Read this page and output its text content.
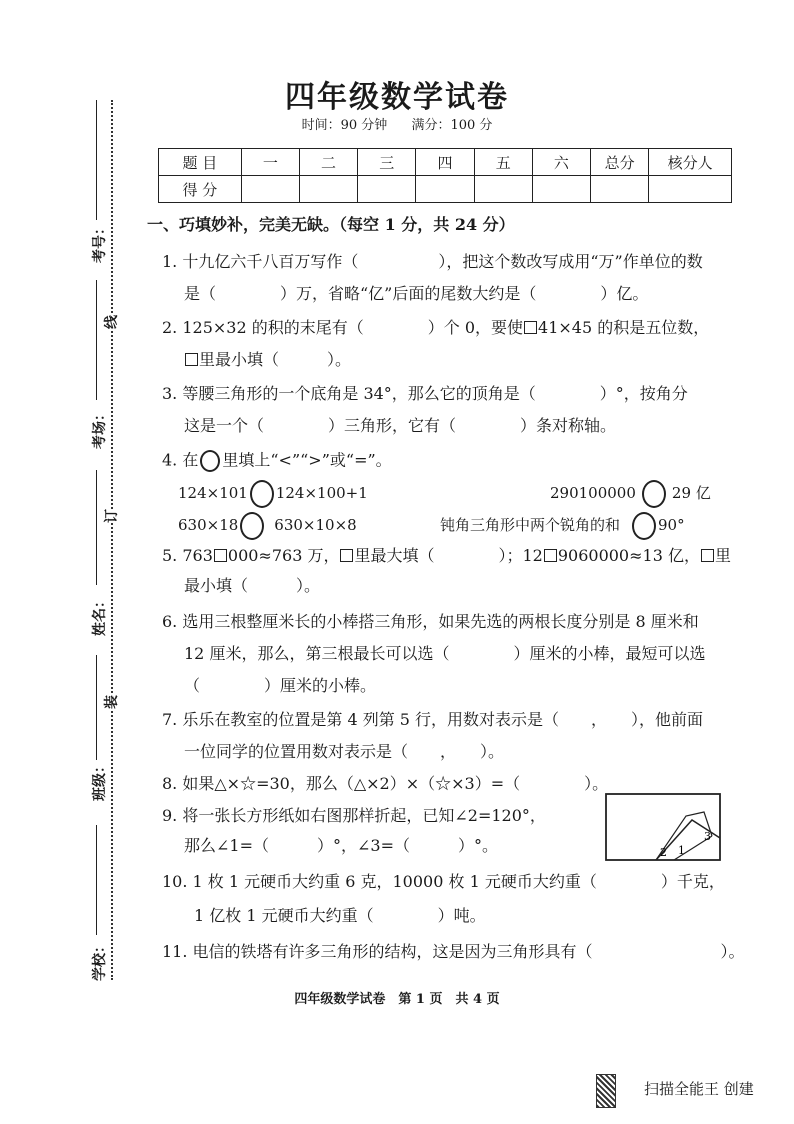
四年级数学试卷
时间：90 分钟 满分：100 分
题 目	一	二	三	四	五	六	总分	核分人
得 分								
考号：
考场：
姓名：
班级：
学校：
线
订
装
一、巧填妙补，完美无缺。（每空 1 分，共 24 分）
1. 十九亿六千八百万写作（　　　　　），把这个数改写成用“万”作单位的数
是（　　　　）万，省略“亿”后面的尾数大约是（　　　　）亿。
2. 125×32 的积的末尾有（　　　　）个 0，要使 41×45 的积是五位数，
里最小填（　　　）。
3. 等腰三角形的一个底角是 34°，那么它的顶角是（　　　　）°，按角分
这是一个（　　　　）三角形，它有（　　　　）条对称轴。
4. 在 里填上“<”“>”或“=”。
124×101 124×100+1	290100000 29 亿
630×18 630×10×8	钝角三角形中两个锐角的和	90°
5. 763 000≈763 万， 里最大填（　　　　）；12 9060000≈13 亿， 里
最小填（　　　）。
6. 选用三根整厘米长的小棒搭三角形，如果先选的两根长度分别是 8 厘米和
12 厘米，那么，第三根最长可以选（　　　　）厘米的小棒，最短可以选
（　　　　）厘米的小棒。
7. 乐乐在教室的位置是第 4 列第 5 行，用数对表示是（　　，　　），他前面
一位同学的位置用数对表示是（　　，　　）。
8. 如果△×☆=30，那么（△×2）×（☆×3）=（　　　　）。
9. 将一张长方形纸如右图那样折起，已知∠2=120°，
那么∠1=（　　　）°，∠3=（　　　）°。	2 1
3
10. 1 枚 1 元硬币大约重 6 克，10000 枚 1 元硬币大约重（　　　　）千克，
1 亿枚 1 元硬币大约重（　　　　）吨。
11. 电信的铁塔有许多三角形的结构，这是因为三角形具有（　　　　　　　　）。
四年级数学试卷　第 1 页　共 4 页
扫描全能王 创建
